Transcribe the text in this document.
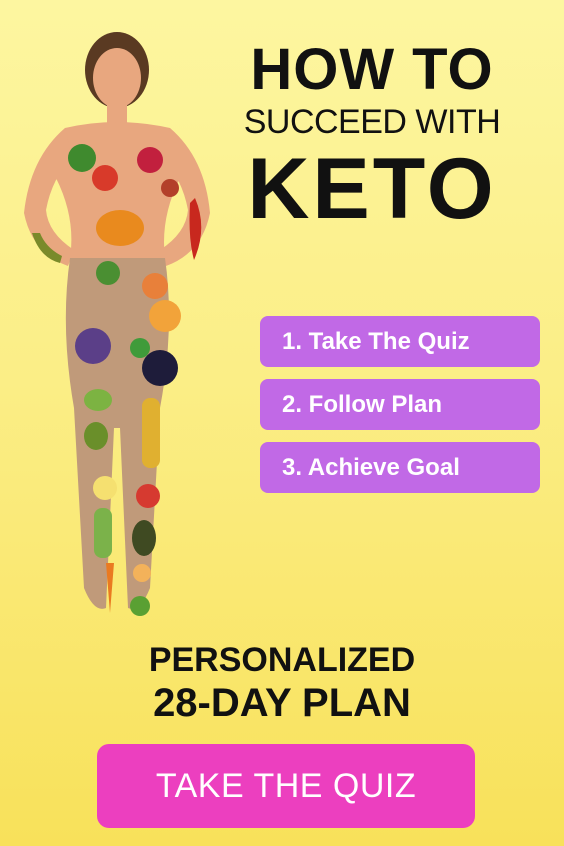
HOW TO
SUCCEED WITH
KETO
1. Take The Quiz
2. Follow Plan
3. Achieve Goal
PERSONALIZED
28-DAY PLAN
TAKE THE QUIZ
